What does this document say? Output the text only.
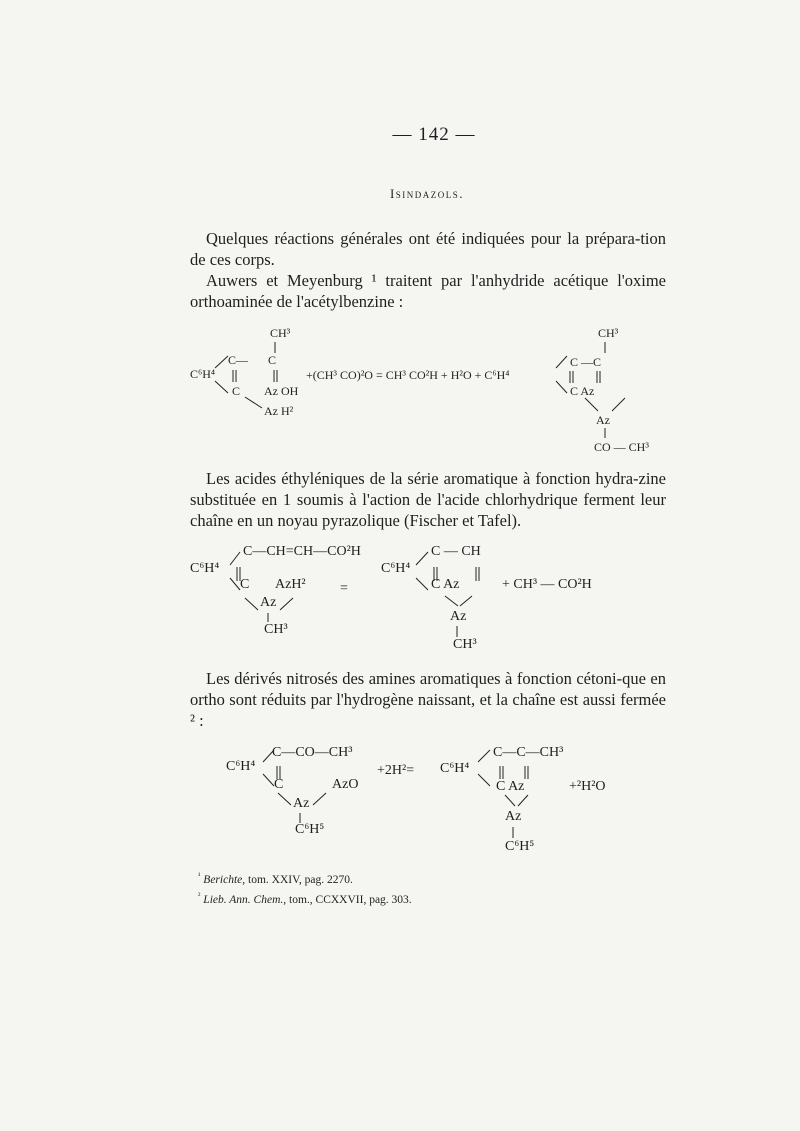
— 142 —
Isindazols.
Quelques réactions générales ont été indiquées pour la prépara-tion de ces corps.
Auwers et Meyenburg ¹ traitent par l'anhydride acétique l'oxime orthoaminée de l'acétylbenzine :
CH³
C— C
C⁶H⁴
C Az OH
Az H²
+(CH³ CO)²O = CH³ CO²H + H²O + C⁶H⁴
CH³
C —C
C Az
Az
CO — CH³
Les acides éthyléniques de la série aromatique à fonction hydra-zine substituée en 1 soumis à l'action de l'acide chlorhydrique ferment leur chaîne en un noyau pyrazolique (Fischer et Tafel).
C—CH=CH—CO²H
C⁶H⁴
C AzH² =
Az
CH³
C — CH
C⁶H⁴
C Az	+ CH³ — CO²H
Az
CH³
Les dérivés nitrosés des amines aromatiques à fonction cétoni-que en ortho sont réduits par l'hydrogène naissant, et la chaîne est aussi fermée ² :
C—CO—CH³
C⁶H⁴
C	AzO
Az
C⁶H⁵
+2H²= C⁶H⁴
C—C—CH³
C Az	+²H²O
Az
C⁶H⁵
$^{^1}$ Berichte, tom. XXIV, pag. 2270.
$^{^2}$ Lieb. Ann. Chem., tom., CCXXVII, pag. 303.
